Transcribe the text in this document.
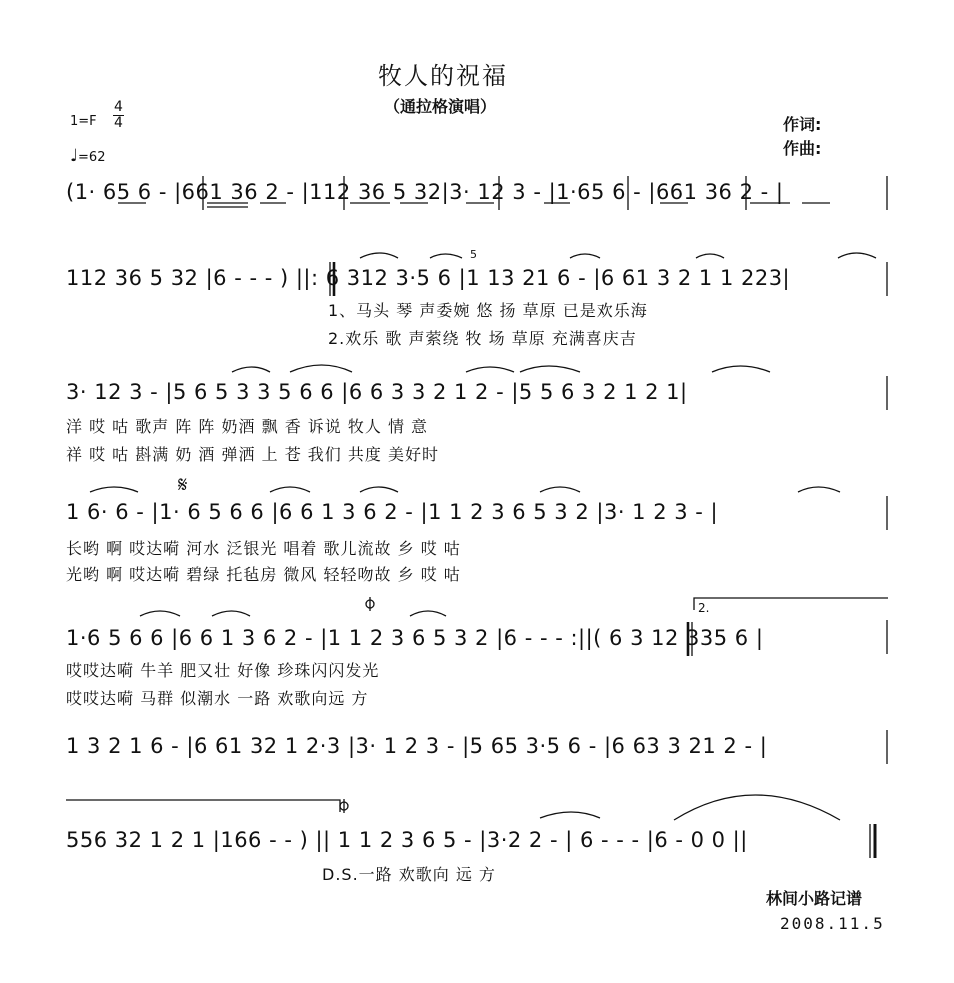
牧人的祝福
（通拉格演唱）
1=F
4
4
♩=62
作词:
作曲:
(1· 65 6 - |661 36 2 - |112 36 5 32|3· 12 3 - |1·65 6 - |661 36 2 - |
112 36 5 32 |6 - - - ) ||: 6 312 3·5 6 |1 13 21 6 - |6 61 3 2 1 1 223|
1、马头 琴 声委婉 悠 扬 草原 已是欢乐海
2.欢乐 歌 声萦绕 牧 场 草原 充满喜庆吉
3· 12 3 - |5 6 5 3 3 5 6 6 |6 6 3 3 2 1 2 - |5 5 6 3 2 1 2 1|
洋 哎 咕 歌声 阵 阵 奶酒 飘 香 诉说 牧人 情 意
祥 哎 咕 斟满 奶 酒 弹洒 上 苍 我们 共度 美好时
1 6· 6 - |1· 6 5 6 6 |6 6 1 3 6 2 - |1 1 2 3 6 5 3 2 |3· 1 2 3 - |
长哟 啊 哎达嗬 河水 泛银光 唱着 歌儿流故 乡 哎 咕
光哟 啊 哎达嗬 碧绿 托毡房 微风 轻轻吻故 乡 哎 咕
1·6 5 6 6 |6 6 1 3 6 2 - |1 1 2 3 6 5 3 2 |6 - - - :||( 6 3 12 335 6 |
哎哎达嗬 牛羊 肥又壮 好像 珍珠闪闪发光
哎哎达嗬 马群 似潮水 一路 欢歌向远 方
1 3 2 1 6 - |6 61 32 1 2·3 |3· 1 2 3 - |5 65 3·5 6 - |6 63 3 21 2 - |
556 32 1 2 1 |166 - - ) || 1 1 2 3 6 5 - |3·2 2 - | 6 - - - |6 - 0 0 ||
D.S.一路 欢歌向 远 方
𝄋
2.
5
林间小路记谱
2008.11.5
